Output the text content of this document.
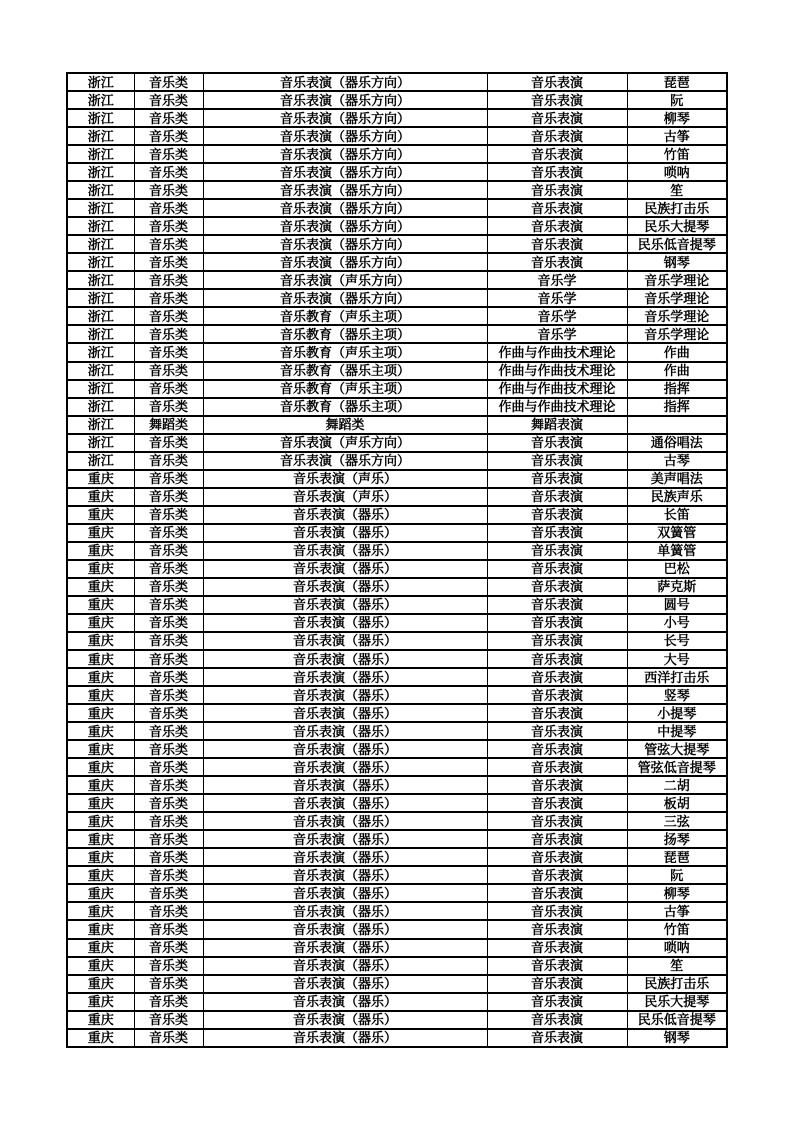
浙江	音乐类	音乐表演（器乐方向）	音乐表演	琵琶
浙江	音乐类	音乐表演（器乐方向）	音乐表演	阮
浙江	音乐类	音乐表演（器乐方向）	音乐表演	柳琴
浙江	音乐类	音乐表演（器乐方向）	音乐表演	古筝
浙江	音乐类	音乐表演（器乐方向）	音乐表演	竹笛
浙江	音乐类	音乐表演（器乐方向）	音乐表演	唢呐
浙江	音乐类	音乐表演（器乐方向）	音乐表演	笙
浙江	音乐类	音乐表演（器乐方向）	音乐表演	民族打击乐
浙江	音乐类	音乐表演（器乐方向）	音乐表演	民乐大提琴
浙江	音乐类	音乐表演（器乐方向）	音乐表演	民乐低音提琴
浙江	音乐类	音乐表演（器乐方向）	音乐表演	钢琴
浙江	音乐类	音乐表演（声乐方向）	音乐学	音乐学理论
浙江	音乐类	音乐表演（器乐方向）	音乐学	音乐学理论
浙江	音乐类	音乐教育（声乐主项）	音乐学	音乐学理论
浙江	音乐类	音乐教育（器乐主项）	音乐学	音乐学理论
浙江	音乐类	音乐教育（声乐主项）	作曲与作曲技术理论	作曲
浙江	音乐类	音乐教育（器乐主项）	作曲与作曲技术理论	作曲
浙江	音乐类	音乐教育（声乐主项）	作曲与作曲技术理论	指挥
浙江	音乐类	音乐教育（器乐主项）	作曲与作曲技术理论	指挥
浙江	舞蹈类	舞蹈类	舞蹈表演	
浙江	音乐类	音乐表演（声乐方向）	音乐表演	通俗唱法
浙江	音乐类	音乐表演（器乐方向）	音乐表演	古琴
重庆	音乐类	音乐表演（声乐）	音乐表演	美声唱法
重庆	音乐类	音乐表演（声乐）	音乐表演	民族声乐
重庆	音乐类	音乐表演（器乐）	音乐表演	长笛
重庆	音乐类	音乐表演（器乐）	音乐表演	双簧管
重庆	音乐类	音乐表演（器乐）	音乐表演	单簧管
重庆	音乐类	音乐表演（器乐）	音乐表演	巴松
重庆	音乐类	音乐表演（器乐）	音乐表演	萨克斯
重庆	音乐类	音乐表演（器乐）	音乐表演	圆号
重庆	音乐类	音乐表演（器乐）	音乐表演	小号
重庆	音乐类	音乐表演（器乐）	音乐表演	长号
重庆	音乐类	音乐表演（器乐）	音乐表演	大号
重庆	音乐类	音乐表演（器乐）	音乐表演	西洋打击乐
重庆	音乐类	音乐表演（器乐）	音乐表演	竖琴
重庆	音乐类	音乐表演（器乐）	音乐表演	小提琴
重庆	音乐类	音乐表演（器乐）	音乐表演	中提琴
重庆	音乐类	音乐表演（器乐）	音乐表演	管弦大提琴
重庆	音乐类	音乐表演（器乐）	音乐表演	管弦低音提琴
重庆	音乐类	音乐表演（器乐）	音乐表演	二胡
重庆	音乐类	音乐表演（器乐）	音乐表演	板胡
重庆	音乐类	音乐表演（器乐）	音乐表演	三弦
重庆	音乐类	音乐表演（器乐）	音乐表演	扬琴
重庆	音乐类	音乐表演（器乐）	音乐表演	琵琶
重庆	音乐类	音乐表演（器乐）	音乐表演	阮
重庆	音乐类	音乐表演（器乐）	音乐表演	柳琴
重庆	音乐类	音乐表演（器乐）	音乐表演	古筝
重庆	音乐类	音乐表演（器乐）	音乐表演	竹笛
重庆	音乐类	音乐表演（器乐）	音乐表演	唢呐
重庆	音乐类	音乐表演（器乐）	音乐表演	笙
重庆	音乐类	音乐表演（器乐）	音乐表演	民族打击乐
重庆	音乐类	音乐表演（器乐）	音乐表演	民乐大提琴
重庆	音乐类	音乐表演（器乐）	音乐表演	民乐低音提琴
重庆	音乐类	音乐表演（器乐）	音乐表演	钢琴
